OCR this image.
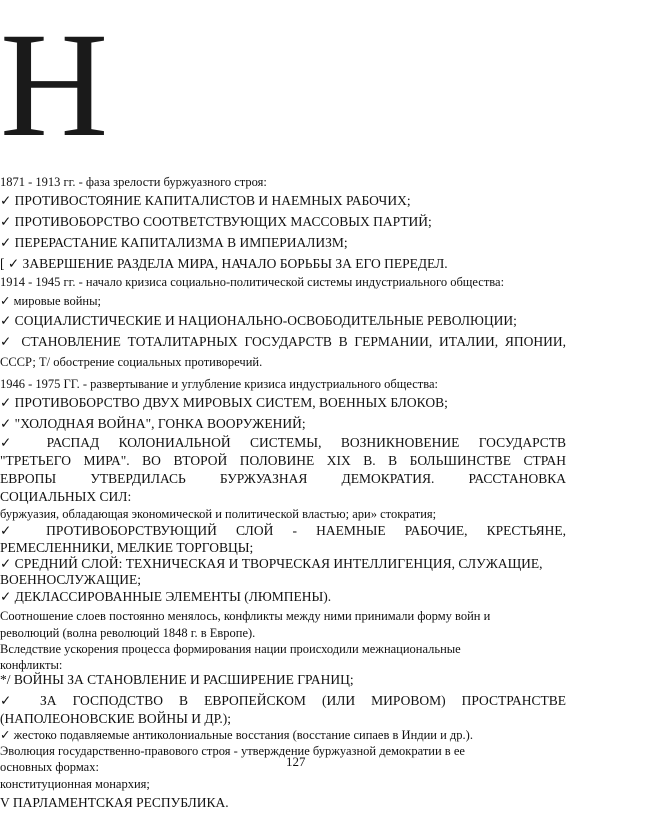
Н
1871 - 1913 гг. - фаза зрелости буржуазного строя:
✓ ПРОТИВОСТОЯНИЕ КАПИТАЛИСТОВ И НАЕМНЫХ РАБОЧИХ;
✓ ПРОТИВОБОРСТВО СООТВЕТСТВУЮЩИХ МАССОВЫХ ПАРТИЙ;
✓ ПЕРЕРАСТАНИЕ КАПИТАЛИЗМА В ИМПЕРИАЛИЗМ;
[ ✓ ЗАВЕРШЕНИЕ РАЗДЕЛА МИРА, НАЧАЛО БОРЬБЫ ЗА ЕГО ПЕРЕДЕЛ.
1914 - 1945 гг. - начало кризиса социально-политической системы индустриального общества:
✓ мировые войны;
✓ СОЦИАЛИСТИЧЕСКИЕ И НАЦИОНАЛЬНО-ОСВОБОДИТЕЛЬНЫЕ РЕВОЛЮЦИИ;
✓ СТАНОВЛЕНИЕ ТОТАЛИТАРНЫХ ГОСУДАРСТВ В ГЕРМАНИИ, ИТАЛИИ, ЯПОНИИ,
СССР; Т/ обострение социальных противоречий.
1946 - 1975 ГГ. - развертывание и углубление кризиса индустриального общества:
✓ ПРОТИВОБОРСТВО ДВУХ МИРОВЫХ СИСТЕМ, ВОЕННЫХ БЛОКОВ;
✓ "ХОЛОДНАЯ ВОЙНА", ГОНКА ВООРУЖЕНИЙ;
✓ РАСПАД КОЛОНИАЛЬНОЙ СИСТЕМЫ, ВОЗНИКНОВЕНИЕ ГОСУДАРСТВ
"ТРЕТЬЕГО МИРА". ВО ВТОРОЙ ПОЛОВИНЕ XIX В. В БОЛЬШИНСТВЕ СТРАН
ЕВРОПЫ УТВЕРДИЛАСЬ БУРЖУАЗНАЯ ДЕМОКРАТИЯ. РАССТАНОВКА
СОЦИАЛЬНЫХ СИЛ:
буржуазия, обладающая экономической и политической властью; ари» стократия;
✓ ПРОТИВОБОРСТВУЮЩИЙ СЛОЙ - НАЕМНЫЕ РАБОЧИЕ, КРЕСТЬЯНЕ,
РЕМЕСЛЕННИКИ, МЕЛКИЕ ТОРГОВЦЫ;
✓ СРЕДНИЙ СЛОЙ: ТЕХНИЧЕСКАЯ И ТВОРЧЕСКАЯ ИНТЕЛЛИГЕНЦИЯ, СЛУЖАЩИЕ,
ВОЕННОСЛУЖАЩИЕ;
✓ ДЕКЛАССИРОВАННЫЕ ЭЛЕМЕНТЫ (ЛЮМПЕНЫ).
Соотношение слоев постоянно менялось, конфликты между ними принимали форму войн и
революций (волна революций 1848 г. в Европе).
Вследствие ускорения процесса формирования нации происходили межнациональные
конфликты:
*/ ВОЙНЫ ЗА СТАНОВЛЕНИЕ И РАСШИРЕНИЕ ГРАНИЦ;
✓ ЗА ГОСПОДСТВО В ЕВРОПЕЙСКОМ (ИЛИ МИРОВОМ) ПРОСТРАНСТВЕ
(НАПОЛЕОНОВСКИЕ ВОЙНЫ И ДР.);
✓ жестоко подавляемые антиколониальные восстания (восстание сипаев в Индии и др.).
Эволюция государственно-правового строя - утверждение буржуазной демократии в ее
основных формах:
конституционная монархия;
V ПАРЛАМЕНТСКАЯ РЕСПУБЛИКА.
127
